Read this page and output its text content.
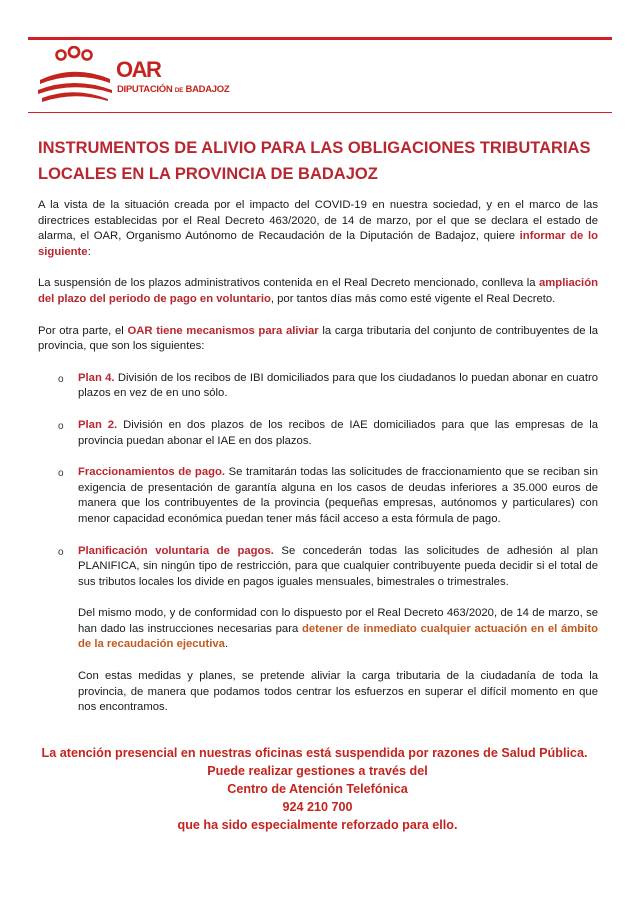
OAR
DIPUTACIÓN DE BADAJOZ
INSTRUMENTOS DE ALIVIO PARA LAS OBLIGACIONES TRIBUTARIAS LOCALES EN LA PROVINCIA DE BADAJOZ

A la vista de la situación creada por el impacto del COVID-19 en nuestra sociedad, y en el marco de las directrices establecidas por el Real Decreto 463/2020, de 14 de marzo, por el que se declara el estado de alarma, el OAR, Organismo Autónomo de Recaudación de la Diputación de Badajoz, quiere informar de lo siguiente:

La suspensión de los plazos administrativos contenida en el Real Decreto mencionado, conlleva la ampliación del plazo del periodo de pago en voluntario, por tantos días más como esté vigente el Real Decreto.

Por otra parte, el OAR tiene mecanismos para aliviar la carga tributaria del conjunto de contribuyentes de la provincia, que son los siguientes:

o Plan 4. División de los recibos de IBI domiciliados para que los ciudadanos lo puedan abonar en cuatro plazos en vez de en uno sólo.
o Plan 2. División en dos plazos de los recibos de IAE domiciliados para que las empresas de la provincia puedan abonar el IAE en dos plazos.
o Fraccionamientos de pago. Se tramitarán todas las solicitudes de fraccionamiento que se reciban sin exigencia de presentación de garantía alguna en los casos de deudas inferiores a 35.000 euros de manera que los contribuyentes de la provincia (pequeñas empresas, autónomos y particulares) con menor capacidad económica puedan tener más fácil acceso a esta fórmula de pago.
o Planificación voluntaria de pagos. Se concederán todas las solicitudes de adhesión al plan PLANIFICA, sin ningún tipo de restricción, para que cualquier contribuyente pueda decidir si el total de sus tributos locales los divide en pagos iguales mensuales, bimestrales o trimestrales.

Del mismo modo, y de conformidad con lo dispuesto por el Real Decreto 463/2020, de 14 de marzo, se han dado las instrucciones necesarias para detener de inmediato cualquier actuación en el ámbito de la recaudación ejecutiva.

Con estas medidas y planes, se pretende aliviar la carga tributaria de la ciudadanía de toda la provincia, de manera que podamos todos centrar los esfuerzos en superar el difícil momento en que nos encontramos.

La atención presencial en nuestras oficinas está suspendida por razones de Salud Pública.
Puede realizar gestiones a través del
Centro de Atención Telefónica
924 210 700
que ha sido especialmente reforzado para ello.
